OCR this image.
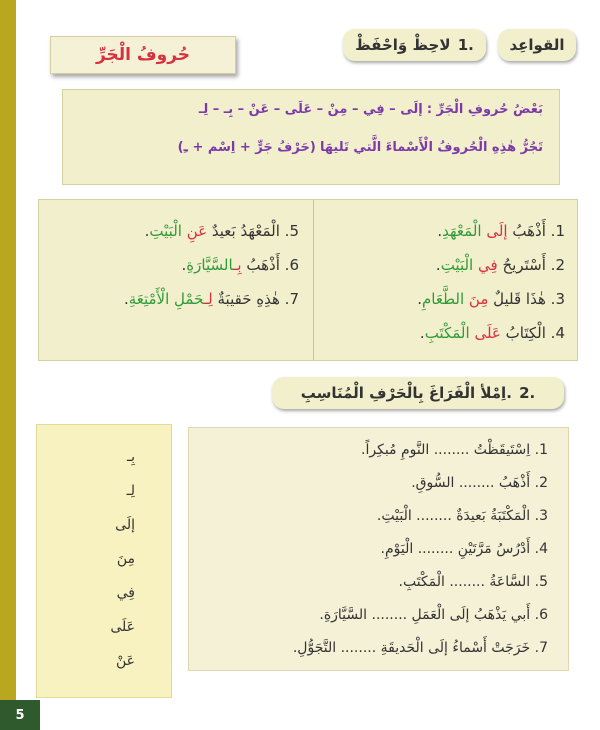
5
القواعِد
لاحِظْ وَاحْفَظْ
1.
حُروفُ الْجَرِّ
بَعْضُ حُروفِ الْجَرِّ : إلَى – فِي – مِنْ – عَلَى – عَنْ – بِـ – لِـ
تَجُرُّ هٰذِهِ الْحُروفُ الْأَسْماءَ الَّتي تَليهَا (حَرْفُ جَرٍّ + اِسْم + ـِ)
1. أَذْهَبُ إلَى الْمَعْهَدِ.
2. أَسْتَريحُ فِي الْبَيْتِ.
3. هٰذَا قَليلٌ مِنَ الطَّعَامِ.
4. الْكِتَابُ عَلَى الْمَكْتَبِ.
5. الْمَعْهَدُ بَعيدٌ عَنِ الْبَيْتِ.
6. أَذْهَبُ بِـالسَّيَّارَةِ.
7. هٰذِهِ حَقيبَةٌ لِـحَمْلِ الْأَمْتِعَةِ.
اِمْلأ الْفَرَاغَ بِالْحَرْفِ الْمُنَاسِبِ.
2.
بِـ
لِـ
إلَى
مِنَ
فِي
عَلَى
عَنْ
1. اِسْتَيقَظْتُ ........ النَّومِ مُبكِراً.
2. أَذْهَبُ ........ السُّوقِ.
3. الْمَكْتَبَةُ بَعيدَةٌ ........ الْبَيْتِ.
4. أَدْرُسُ مَرَّتَيْنِ ........ الْيَوْمِ.
5. السَّاعَةُ ........ الْمَكْتَبِ.
6. أَبي يَذْهَبُ إلَى الْعَمَلِ ........ السَّيَّارَةِ.
7. خَرَجَتْ أَسْماءُ إلَى الْحَديقَةِ ........ التَّجَوُّلِ.
